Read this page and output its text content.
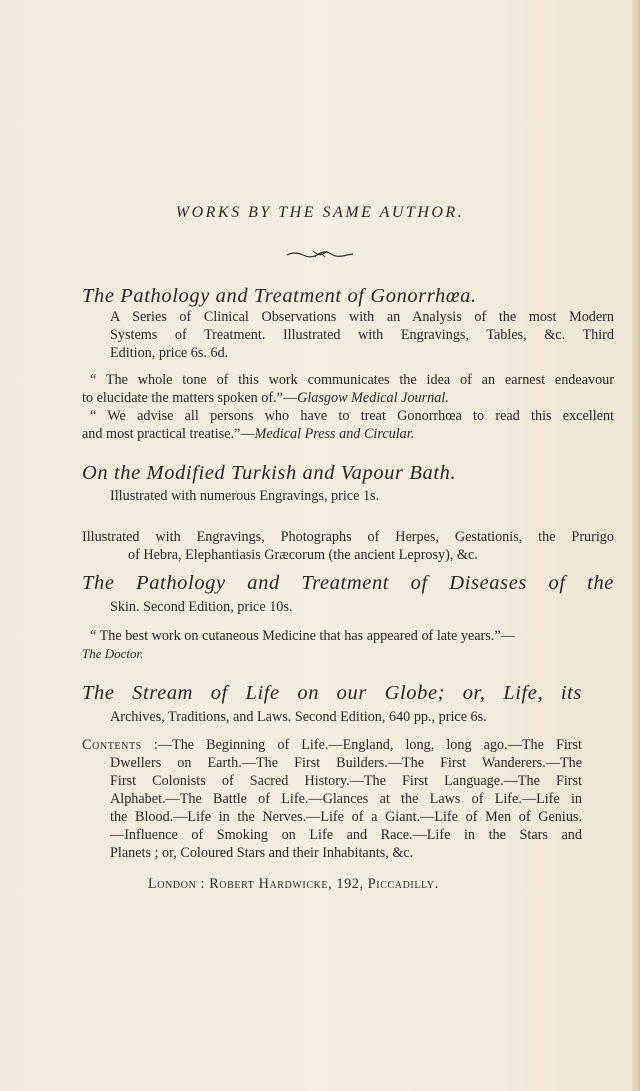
WORKS BY THE SAME AUTHOR.
The Pathology and Treatment of Gonorrhœa.
A Series of Clinical Observations with an Analysis of the most Modern
Systems of Treatment. Illustrated with Engravings, Tables, &c. Third
Edition, price 6s. 6d.
“ The whole tone of this work communicates the idea of an earnest endeavour
to elucidate the matters spoken of.”—Glasgow Medical Journal.
“ We advise all persons who have to treat Gonorrhœa to read this excellent
and most practical treatise.”—Medical Press and Circular.
On the Modified Turkish and Vapour Bath.
Illustrated with numerous Engravings, price 1s.
Illustrated with Engravings, Photographs of Herpes, Gestationis, the Prurigo
of Hebra, Elephantiasis Græcorum (the ancient Leprosy), &c.
The Pathology and Treatment of Diseases of the
Skin. Second Edition, price 10s.
“ The best work on cutaneous Medicine that has appeared of late years.”—
The Doctor.
The Stream of Life on our Globe; or, Life, its
Archives, Traditions, and Laws. Second Edition, 640 pp., price 6s.
Contents :—The Beginning of Life.—England, long, long ago.—The First
Dwellers on Earth.—The First Builders.—The First Wanderers.—The
First Colonists of Sacred History.—The First Language.—The First
Alphabet.—The Battle of Life.—Glances at the Laws of Life.—Life in
the Blood.—Life in the Nerves.—Life of a Giant.—Life of Men of Genius.
—Influence of Smoking on Life and Race.—Life in the Stars and
Planets ; or, Coloured Stars and their Inhabitants, &c.
London : Robert Hardwicke, 192, Piccadilly.
